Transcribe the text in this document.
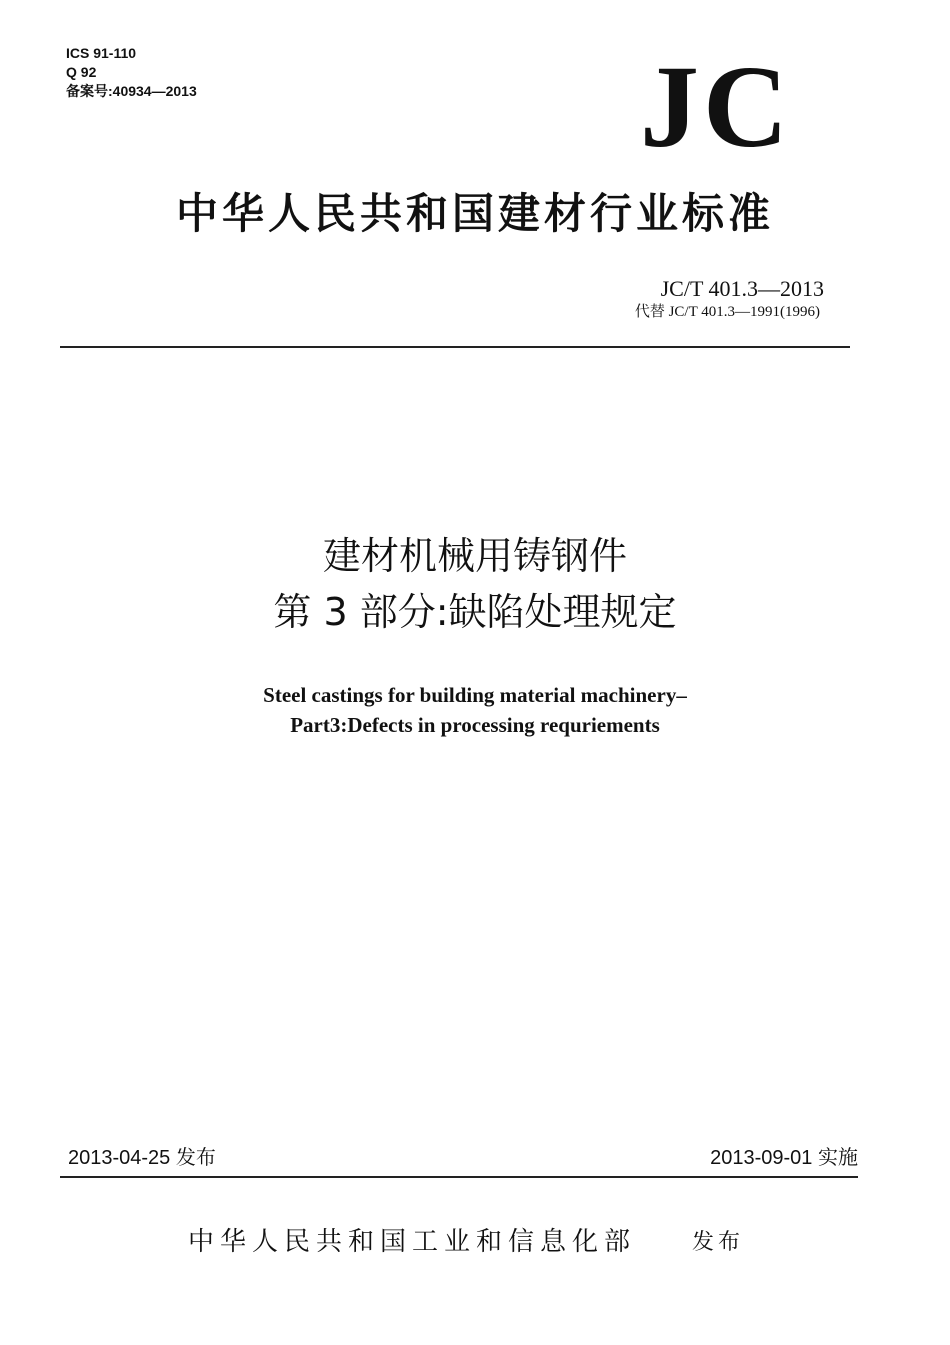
ICS 91-110
Q 92
备案号:40934—2013	JC
中华人民共和国建材行业标准
JC/T 401.3—2013
代替 JC/T 401.3—1991(1996)
建材机械用铸钢件
第 3 部分:缺陷处理规定
Steel castings for building material machinery–
Part3:Defects in processing requriements
2013-04-25 发布	2013-09-01 实施
中华人民共和国工业和信息化部	发布
